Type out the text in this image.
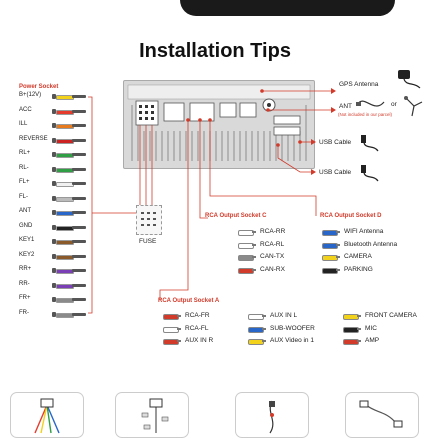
Installation Tips
Power Socket
B+(12V)
ACC
ILL
REVERSE
RL+
RL-
FL+
FL-
ANT
GND
KEY1
KEY2
RR+
RR-
FR+
FR-
FUSE
GPS Antenna
ANT
(Not included in our parcel)
or
USB Cable
USB Cable
RCA Output Socket C
RCA-RR
RCA-RL
CAN-TX
CAN-RX
RCA Output Socket D
WIFI Antenna
Bluetooth Antenna
CAMERA
PARKING
RCA Output Socket A
RCA-FR
RCA-FL
AUX IN R
AUX IN L
SUB-WOOFER
AUX Video in 1
FRONT CAMERA
MIC
AMP
